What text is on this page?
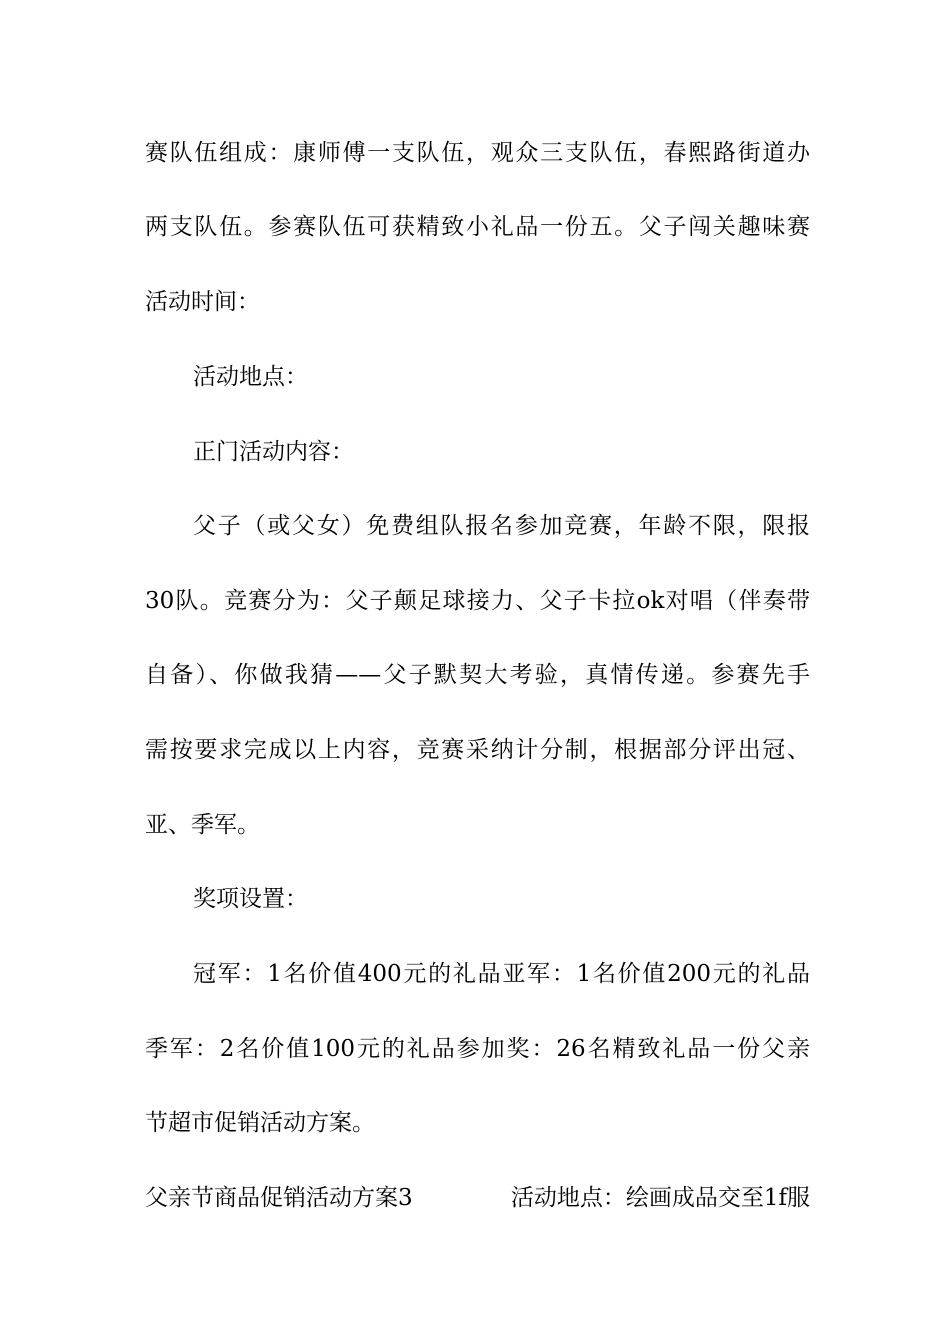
赛队伍组成：康师傅一支队伍，观众三支队伍，春熙路街道办
两支队伍。参赛队伍可获精致小礼品一份五。父子闯关趣味赛
活动时间：
活动地点：
正门活动内容：
父子（或父女）免费组队报名参加竞赛，年龄不限，限报
30队。竞赛分为：父子颠足球接力、父子卡拉ok对唱（伴奏带
自备）、你做我猜——父子默契大考验，真情传递。参赛先手
需按要求完成以上内容，竞赛采纳计分制，根据部分评出冠、
亚、季军。
奖项设置：
冠军：1名价值400元的礼品亚军：1名价值200元的礼品
季军：2名价值100元的礼品参加奖：26名精致礼品一份父亲
节超市促销活动方案。
父亲节商品促销活动方案3	活动地点：绘画成品交至1f服
